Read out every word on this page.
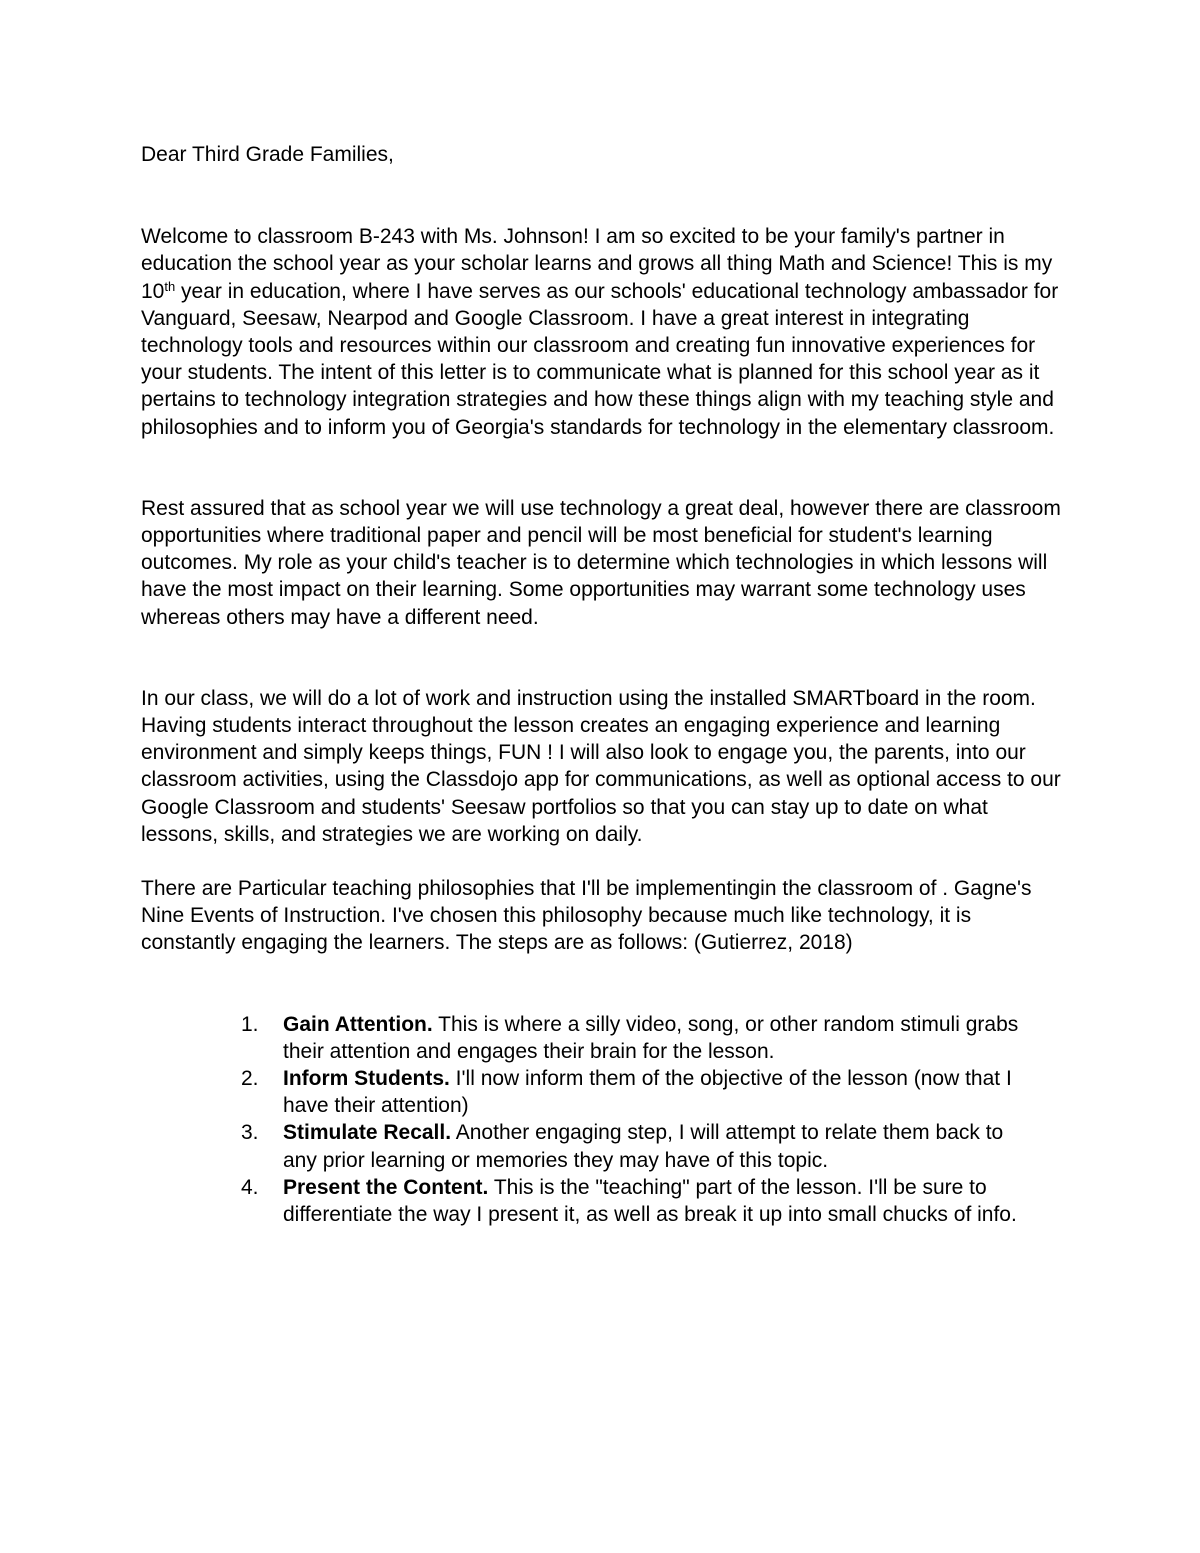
Dear Third Grade Families,

Welcome to classroom B-243 with Ms. Johnson! I am so excited to be your family's partner in education the school year as your scholar learns and grows all thing Math and Science! This is my 10th year in education, where I have serves as our schools' educational technology ambassador for Vanguard, Seesaw, Nearpod and Google Classroom. I have a great interest in integrating technology tools and resources within our classroom and creating fun innovative experiences for your students. The intent of this letter is to communicate what is planned for this school year as it pertains to technology integration strategies and how these things align with my teaching style and philosophies and to inform you of Georgia's standards for technology in the elementary classroom.

Rest assured that as school year we will use technology a great deal, however there are classroom opportunities where traditional paper and pencil will be most beneficial for student's learning outcomes. My role as your child's teacher is to determine which technologies in which lessons will have the most impact on their learning. Some opportunities may warrant some technology uses whereas others may have a different need.

In our class, we will do a lot of work and instruction using the installed SMARTboard in the room. Having students interact throughout the lesson creates an engaging experience and learning environment and simply keeps things, FUN ! I will also look to engage you, the parents, into our classroom activities, using the Classdojo app for communications, as well as optional access to our Google Classroom and students' Seesaw portfolios so that you can stay up to date on what lessons, skills, and strategies we are working on daily.

There are Particular teaching philosophies that I'll be implementingin the classroom of . Gagne's Nine Events of Instruction. I've chosen this philosophy because much like technology, it is constantly engaging the learners. The steps are as follows: (Gutierrez, 2018)

1. Gain Attention. This is where a silly video, song, or other random stimuli grabs their attention and engages their brain for the lesson.
2. Inform Students. I'll now inform them of the objective of the lesson (now that I have their attention)
3. Stimulate Recall. Another engaging step, I will attempt to relate them back to any prior learning or memories they may have of this topic.
4. Present the Content. This is the "teaching" part of the lesson. I'll be sure to differentiate the way I present it, as well as break it up into small chucks of info.
